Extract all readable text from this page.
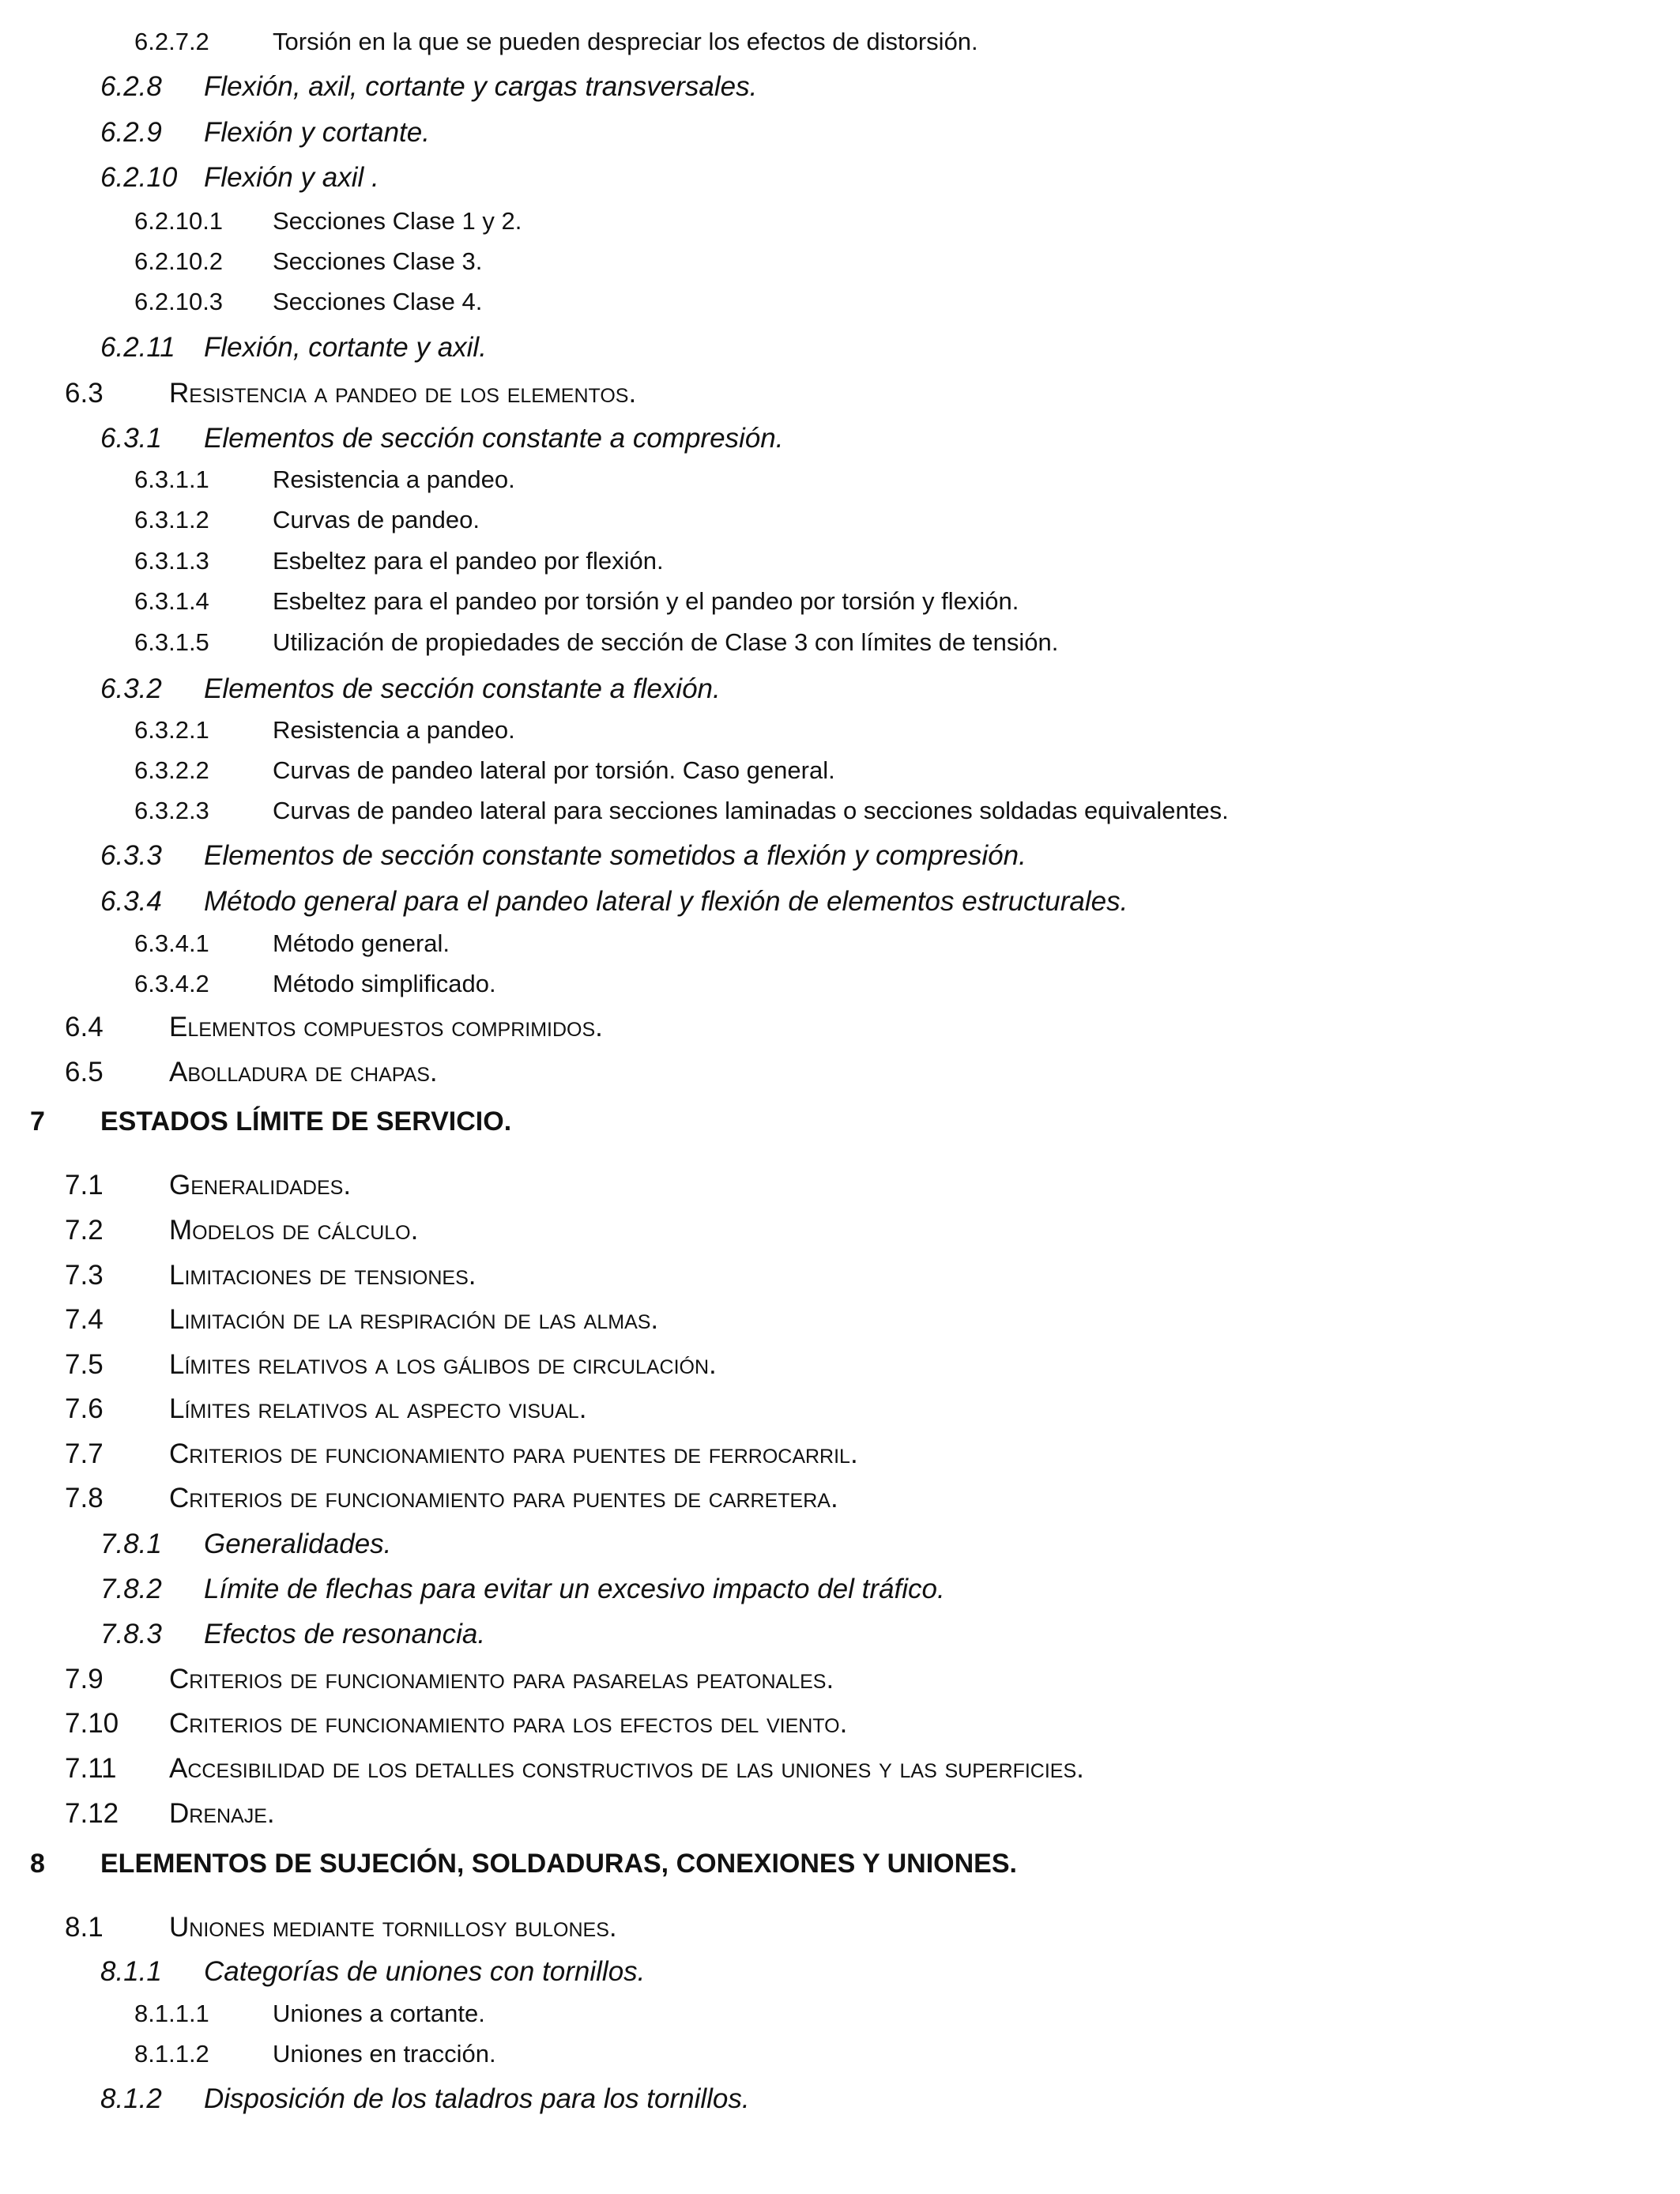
6.2.7.2	Torsión en la que se pueden despreciar los efectos de distorsión.
6.2.8 Flexión, axil, cortante y cargas transversales.
6.2.9 Flexión y cortante.
6.2.10 Flexión y axil .
6.2.10.1 Secciones Clase 1 y 2.
6.2.10.2 Secciones Clase 3.
6.2.10.3 Secciones Clase 4.
6.2.11 Flexión, cortante y axil.
6.3 Resistencia a pandeo de los elementos.
6.3.1 Elementos de sección constante a compresión.
6.3.1.1	Resistencia a pandeo.
6.3.1.2	Curvas de pandeo.
6.3.1.3	Esbeltez para el pandeo por flexión.
6.3.1.4	Esbeltez para el pandeo por torsión y el pandeo por torsión y flexión.
6.3.1.5	Utilización de propiedades de sección de Clase 3 con límites de tensión.
6.3.2 Elementos de sección constante a flexión.
6.3.2.1	Resistencia a pandeo.
6.3.2.2	Curvas de pandeo lateral por torsión. Caso general.
6.3.2.3	Curvas de pandeo lateral para secciones laminadas o secciones soldadas equivalentes.
6.3.3 Elementos de sección constante sometidos a flexión y compresión.
6.3.4 Método general para el pandeo lateral y flexión de elementos estructurales.
6.3.4.1	Método general.
6.3.4.2	Método simplificado.
6.4 Elementos compuestos comprimidos.
6.5 Abolladura de chapas.
7 ESTADOS LÍMITE DE SERVICIO.
7.1 Generalidades.
7.2 Modelos de cálculo.
7.3 Limitaciones de tensiones.
7.4 Limitación de la respiración de las almas.
7.5 Límites relativos a los gálibos de circulación.
7.6 Límites relativos al aspecto visual.
7.7 Criterios de funcionamiento para puentes de ferrocarril.
7.8 Criterios de funcionamiento para puentes de carretera.
7.8.1 Generalidades.
7.8.2 Límite de flechas para evitar un excesivo impacto del tráfico.
7.8.3 Efectos de resonancia.
7.9 Criterios de funcionamiento para pasarelas peatonales.
7.10 Criterios de funcionamiento para los efectos del viento.
7.11 Accesibilidad de los detalles constructivos de las uniones y las superficies.
7.12 Drenaje.
8 ELEMENTOS DE SUJECIÓN, SOLDADURAS, CONEXIONES Y UNIONES.
8.1 Uniones mediante tornillosy bulones.
8.1.1 Categorías de uniones con tornillos.
8.1.1.1	Uniones a cortante.
8.1.1.2	Uniones en tracción.
8.1.2 Disposición de los taladros para los tornillos.
